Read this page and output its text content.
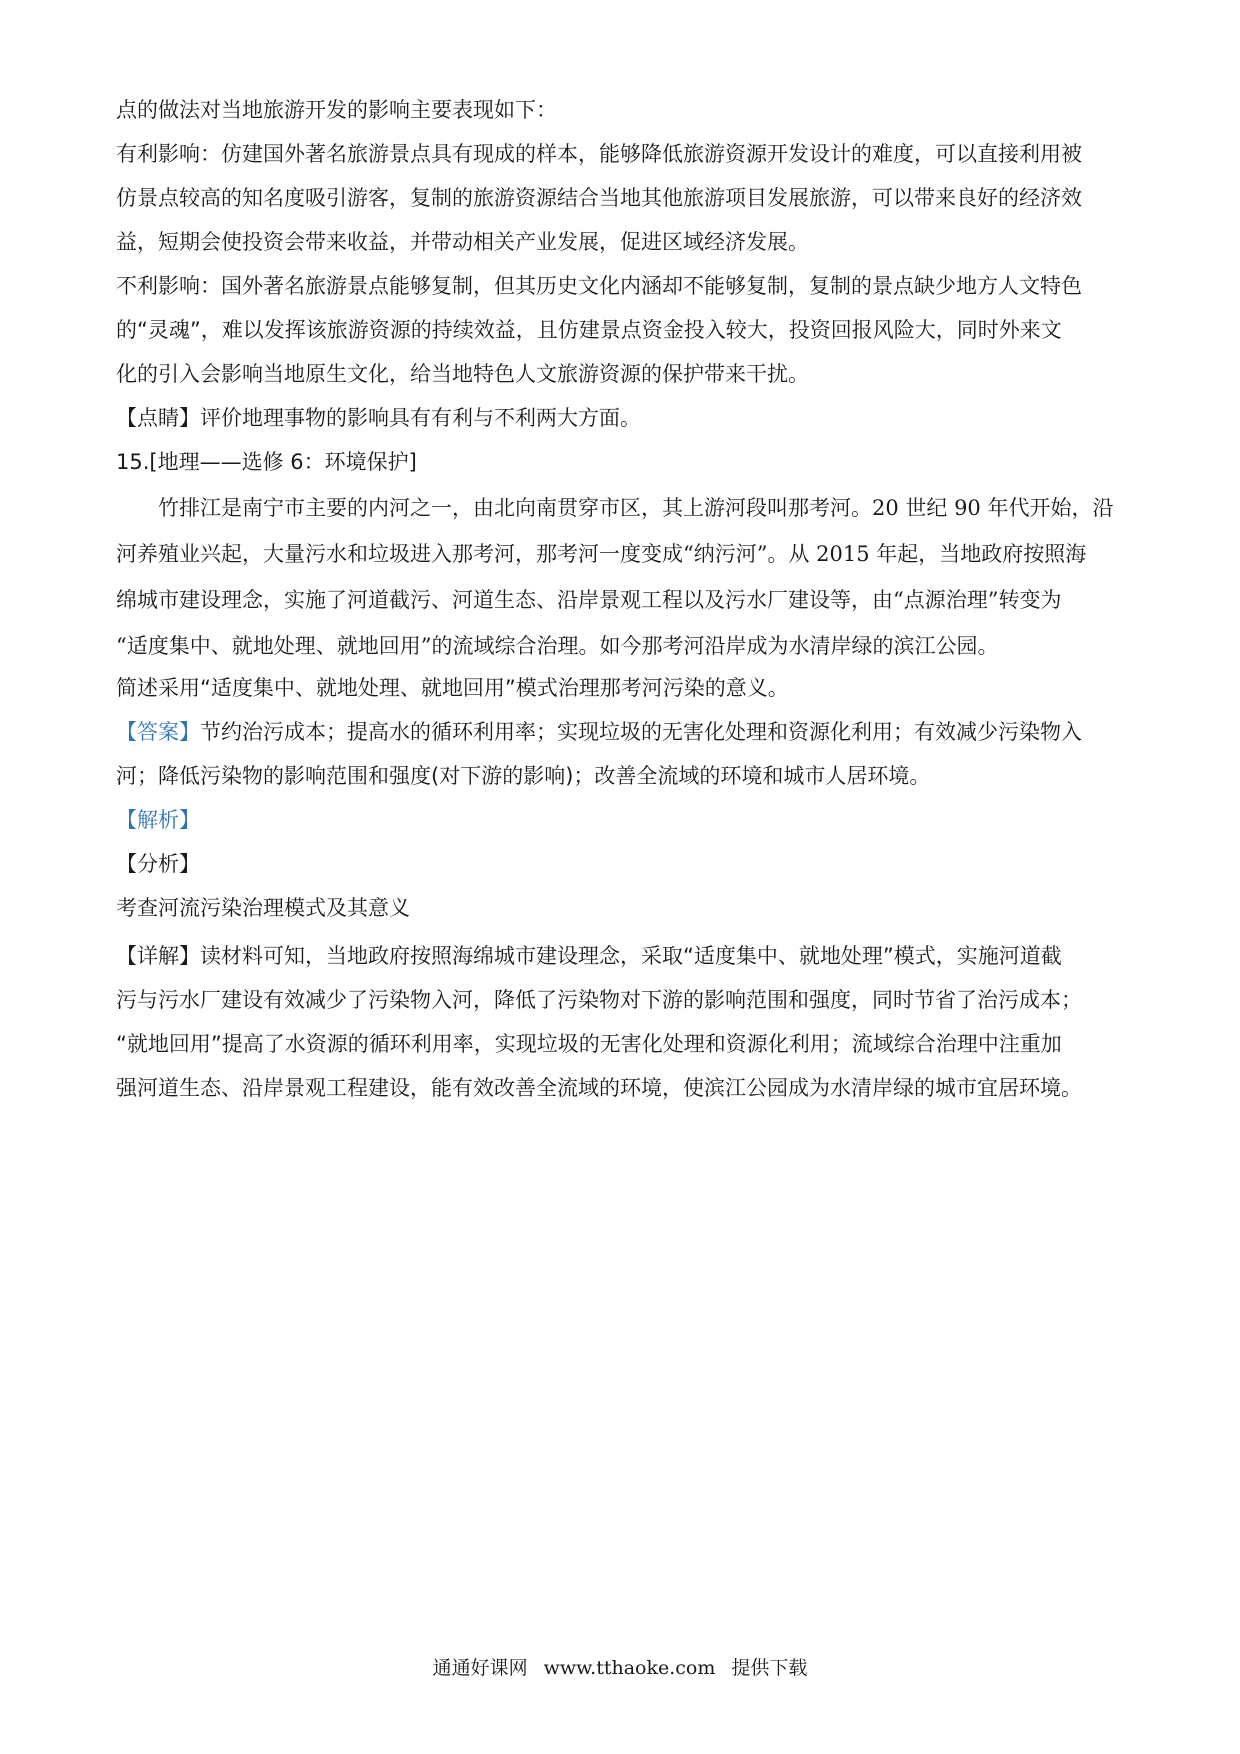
点的做法对当地旅游开发的影响主要表现如下：
有利影响：仿建国外著名旅游景点具有现成的样本，能够降低旅游资源开发设计的难度，可以直接利用被
仿景点较高的知名度吸引游客，复制的旅游资源结合当地其他旅游项目发展旅游，可以带来良好的经济效
益，短期会使投资会带来收益，并带动相关产业发展，促进区域经济发展。
不利影响：国外著名旅游景点能够复制，但其历史文化内涵却不能够复制，复制的景点缺少地方人文特色
的“灵魂”，难以发挥该旅游资源的持续效益，且仿建景点资金投入较大，投资回报风险大，同时外来文
化的引入会影响当地原生文化，给当地特色人文旅游资源的保护带来干扰。
【点睛】评价地理事物的影响具有有利与不利两大方面。
15.[地理——选修 6：环境保护]
竹排江是南宁市主要的内河之一，由北向南贯穿市区，其上游河段叫那考河。20 世纪 90 年代开始，沿
河养殖业兴起，大量污水和垃圾进入那考河，那考河一度变成“纳污河”。从 2015 年起，当地政府按照海
绵城市建设理念，实施了河道截污、河道生态、沿岸景观工程以及污水厂建设等，由“点源治理”转变为
“适度集中、就地处理、就地回用”的流域综合治理。如今那考河沿岸成为水清岸绿的滨江公园。
简述采用“适度集中、就地处理、就地回用”模式治理那考河污染的意义。
【答案】节约治污成本；提高水的循环利用率；实现垃圾的无害化处理和资源化利用；有效减少污染物入
河；降低污染物的影响范围和强度(对下游的影响)；改善全流域的环境和城市人居环境。
【解析】
【分析】
考查河流污染治理模式及其意义
【详解】读材料可知，当地政府按照海绵城市建设理念，采取“适度集中、就地处理”模式，实施河道截
污与污水厂建设有效减少了污染物入河，降低了污染物对下游的影响范围和强度，同时节省了治污成本；
“就地回用”提高了水资源的循环利用率，实现垃圾的无害化处理和资源化利用；流域综合治理中注重加
强河道生态、沿岸景观工程建设，能有效改善全流域的环境，使滨江公园成为水清岸绿的城市宜居环境。
通通好课网 www.tthaoke.com 提供下载
